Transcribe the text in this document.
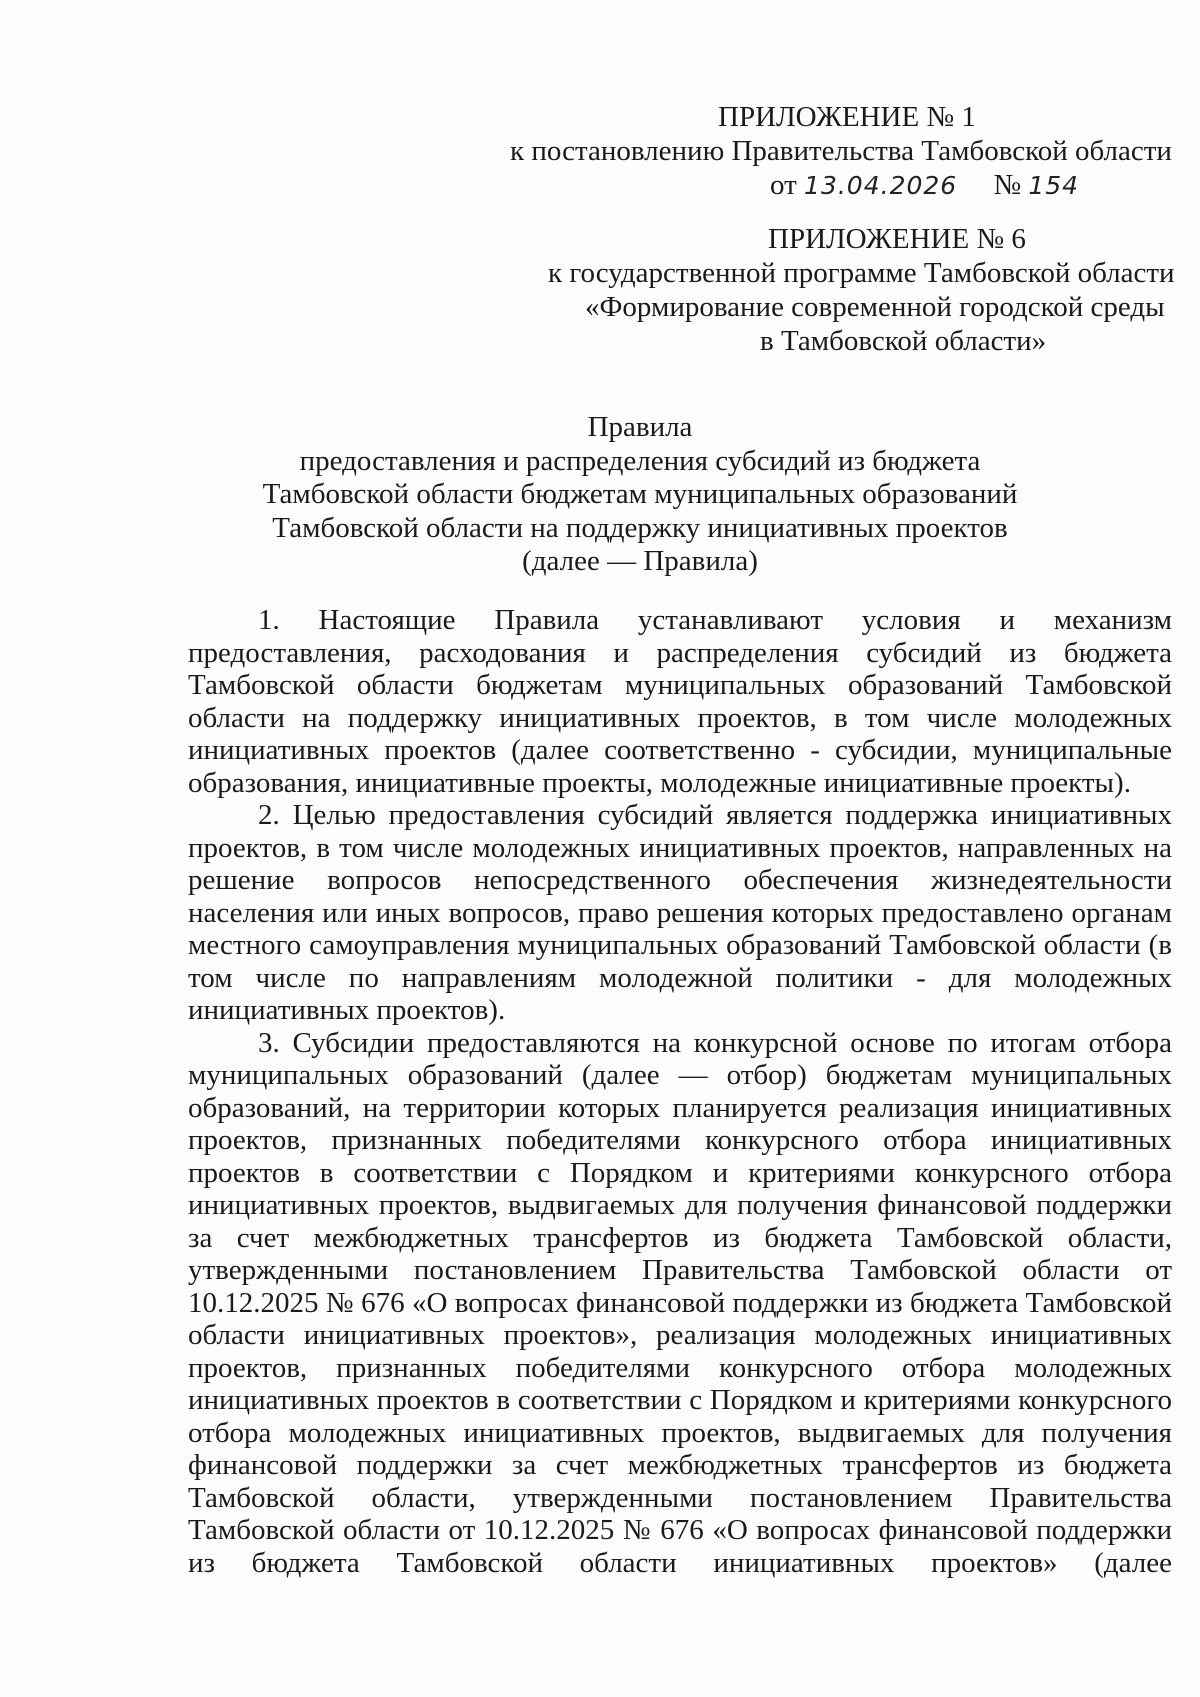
ПРИЛОЖЕНИЕ № 1
к постановлению Правительства Тамбовской области
от 13.04.2026 № 154
ПРИЛОЖЕНИЕ № 6
к государственной программе Тамбовской области
«Формирование современной городской среды
в Тамбовской области»
Правила
предоставления и распределения субсидий из бюджета
Тамбовской области бюджетам муниципальных образований
Тамбовской области на поддержку инициативных проектов
(далее — Правила)

1. Настоящие Правила устанавливают условия и механизм предоставления, расходования и распределения субсидий из бюджета Тамбовской области бюджетам муниципальных образований Тамбовской области на поддержку инициативных проектов, в том числе молодежных инициативных проектов (далее соответственно - субсидии, муниципальные образования, инициативные проекты, молодежные инициативные проекты).

2. Целью предоставления субсидий является поддержка инициативных проектов, в том числе молодежных инициативных проектов, направленных на решение вопросов непосредственного обеспечения жизнедеятельности населения или иных вопросов, право решения которых предоставлено органам местного самоуправления муниципальных образований Тамбовской области (в том числе по направлениям молодежной политики - для молодежных инициативных проектов).

3. Субсидии предоставляются на конкурсной основе по итогам отбора муниципальных образований (далее — отбор) бюджетам муниципальных образований, на территории которых планируется реализация инициативных проектов, признанных победителями конкурсного отбора инициативных проектов в соответствии с Порядком и критериями конкурсного отбора инициативных проектов, выдвигаемых для получения финансовой поддержки за счет межбюджетных трансфертов из бюджета Тамбовской области, утвержденными постановлением Правительства Тамбовской области от 10.12.2025 № 676 «О вопросах финансовой поддержки из бюджета Тамбовской области инициативных проектов», реализация молодежных инициативных проектов, признанных победителями конкурсного отбора молодежных инициативных проектов в соответствии с Порядком и критериями конкурсного отбора молодежных инициативных проектов, выдвигаемых для получения финансовой поддержки за счет межбюджетных трансфертов из бюджета Тамбовской области, утвержденными постановлением Правительства Тамбовской области от 10.12.2025 № 676 «О вопросах финансовой поддержки из бюджета Тамбовской области инициативных проектов» (далее
